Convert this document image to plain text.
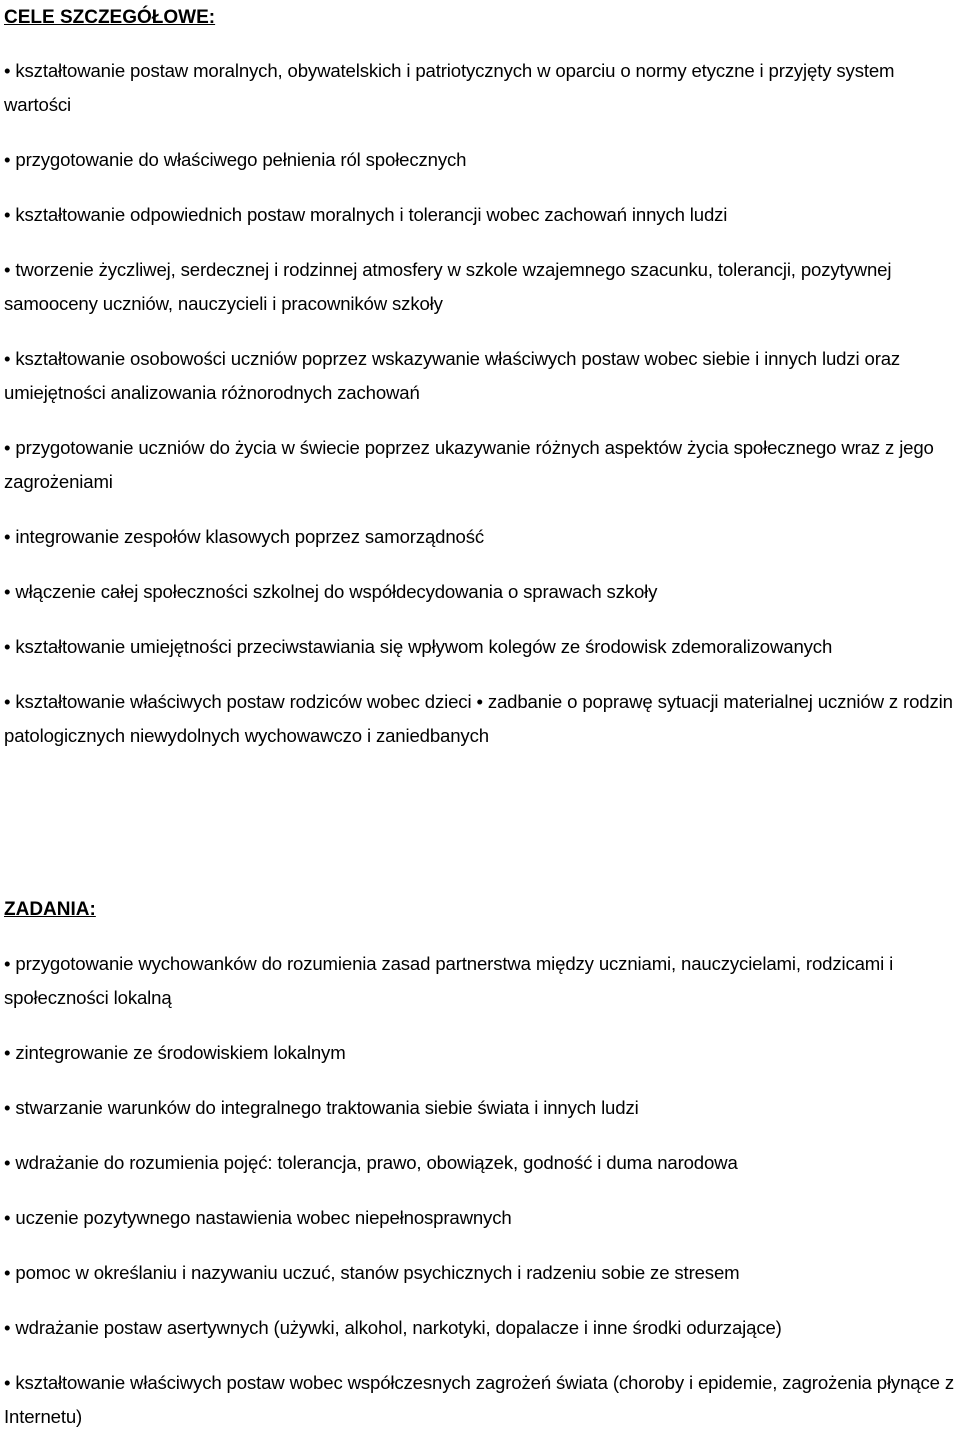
CELE SZCZEGÓŁOWE:

• kształtowanie postaw moralnych, obywatelskich i patriotycznych w oparciu o normy etyczne i przyjęty system wartości

• przygotowanie do właściwego pełnienia ról społecznych

• kształtowanie odpowiednich postaw moralnych i tolerancji wobec zachowań innych ludzi

• tworzenie życzliwej, serdecznej i rodzinnej atmosfery w szkole wzajemnego szacunku, tolerancji, pozytywnej samooceny uczniów, nauczycieli i pracowników szkoły

• kształtowanie osobowości uczniów poprzez wskazywanie właściwych postaw wobec siebie i innych ludzi oraz umiejętności analizowania różnorodnych zachowań

• przygotowanie uczniów do życia w świecie poprzez ukazywanie różnych aspektów życia społecznego wraz z jego zagrożeniami

• integrowanie zespołów klasowych poprzez samorządność

• włączenie całej społeczności szkolnej do współdecydowania o sprawach szkoły

• kształtowanie umiejętności przeciwstawiania się wpływom kolegów ze środowisk zdemoralizowanych

• kształtowanie właściwych postaw rodziców wobec dzieci • zadbanie o poprawę sytuacji materialnej uczniów z rodzin patologicznych niewydolnych wychowawczo i zaniedbanych

ZADANIA:

• przygotowanie wychowanków do rozumienia zasad partnerstwa między uczniami, nauczycielami, rodzicami i społeczności lokalną

• zintegrowanie ze środowiskiem lokalnym

• stwarzanie warunków do integralnego traktowania siebie świata i innych ludzi

• wdrażanie do rozumienia pojęć: tolerancja, prawo, obowiązek, godność i duma narodowa

• uczenie pozytywnego nastawienia wobec niepełnosprawnych

• pomoc w określaniu i nazywaniu uczuć, stanów psychicznych i radzeniu sobie ze stresem

• wdrażanie postaw asertywnych (używki, alkohol, narkotyki, dopalacze i inne środki odurzające)

• kształtowanie właściwych postaw wobec współczesnych zagrożeń świata (choroby i epidemie, zagrożenia płynące z Internetu)
